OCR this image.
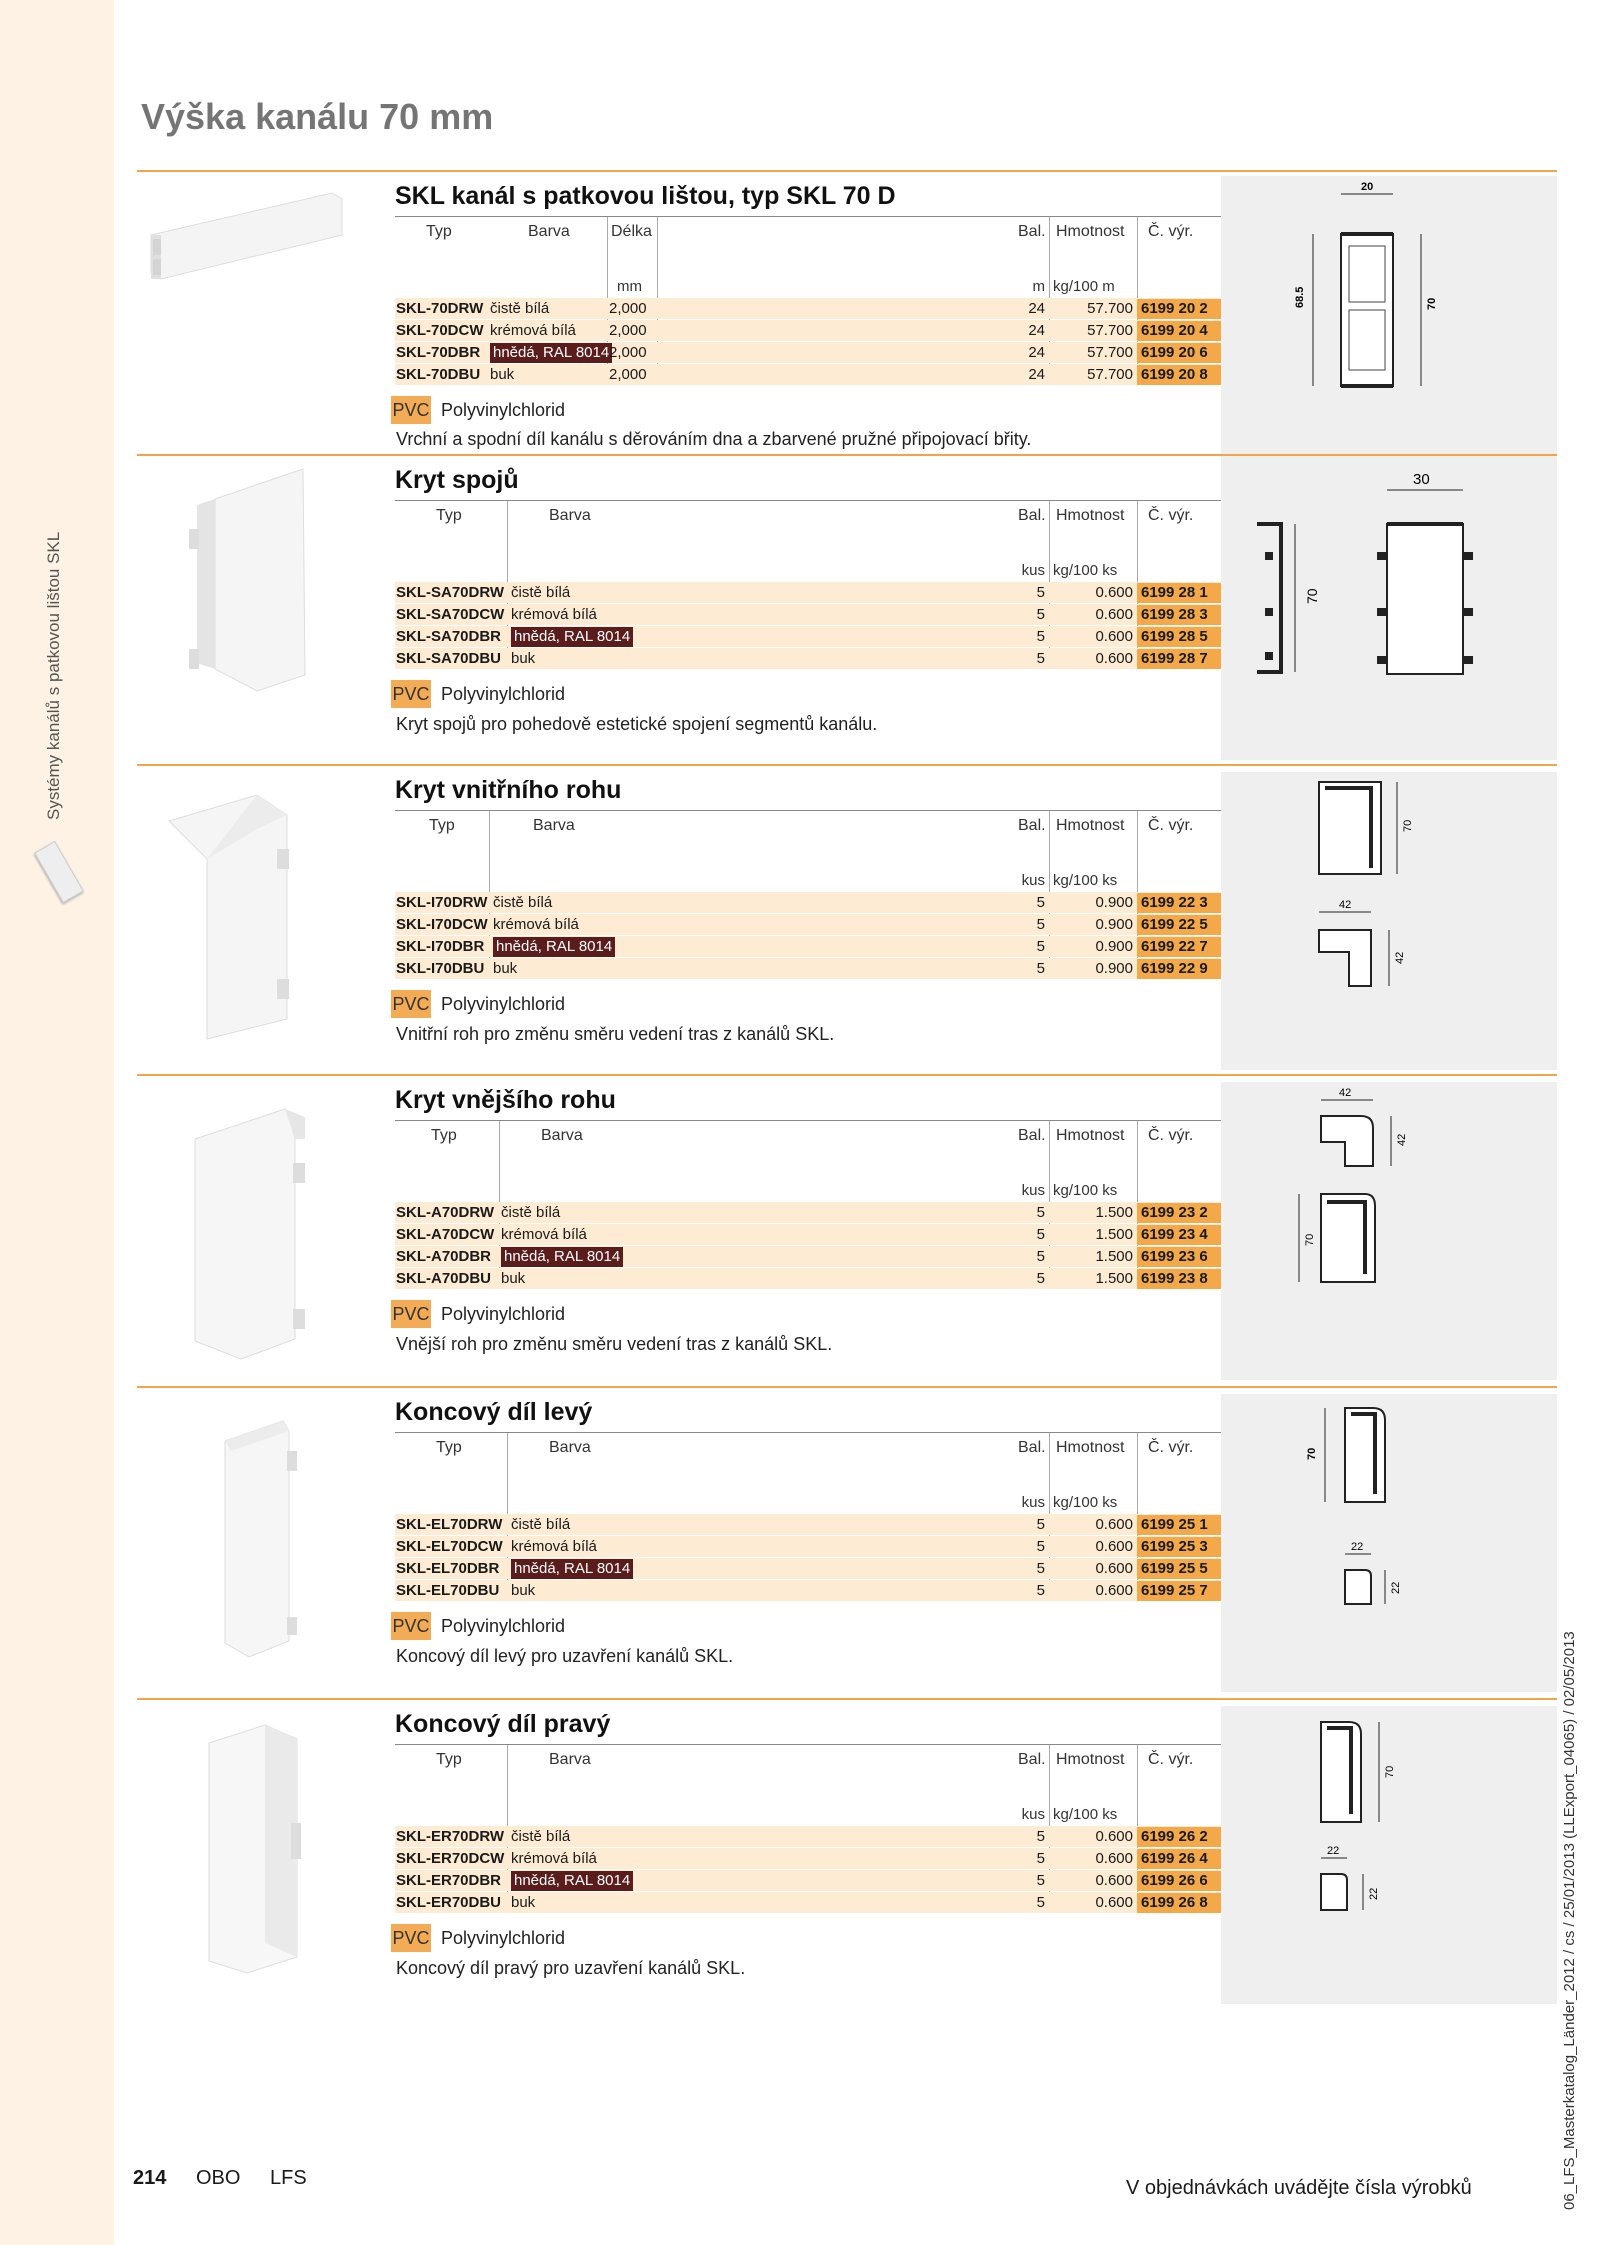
Systémy kanálů s patkovou lištou SKL
Výška kanálu 70 mm
SKL kanál s patkovou lištou, typ SKL 70 D
Typ	Barva	Délka	Bal. Hmotnost Č. výr.
mm	m kg/100 m
SKL-70DRW čistě bílá	2,000	24	57.700 6199 20 2
SKL-70DCW krémová bílá 2,000	24	57.700 6199 20 4
SKL-70DBR hnědá, RAL 8014 2,000	24	57.700 6199 20 6
SKL-70DBU buk	2,000	24	57.700 6199 20 8
PVC Polyvinylchlorid
Vrchní a spodní díl kanálu s děrováním dna a zbarvené pružné připojovací břity.
20
68.5	70
Kryt spojů
Typ	Barva	Bal. Hmotnost Č. výr.
kus kg/100 ks
SKL-SA70DRW čistě bílá	5	0.600 6199 28 1
SKL-SA70DCW krémová bílá	5	0.600 6199 28 3
SKL-SA70DBR hnědá, RAL 8014	5	0.600 6199 28 5
SKL-SA70DBU buk	5	0.600 6199 28 7
PVC Polyvinylchlorid
Kryt spojů pro pohedově estetické spojení segmentů kanálu.
70
30
Kryt vnitřního rohu
Typ	Barva	Bal. Hmotnost Č. výr.
kus kg/100 ks
SKL-I70DRW čistě bílá	5	0.900 6199 22 3
SKL-I70DCW krémová bílá	5	0.900 6199 22 5
SKL-I70DBR hnědá, RAL 8014	5	0.900 6199 22 7
SKL-I70DBU buk	5	0.900 6199 22 9
PVC Polyvinylchlorid
Vnitřní roh pro změnu směru vedení tras z kanálů SKL.
70
42
42
Kryt vnějšího rohu
Typ	Barva	Bal. Hmotnost Č. výr.
kus kg/100 ks
SKL-A70DRW čistě bílá	5	1.500 6199 23 2
SKL-A70DCW krémová bílá	5	1.500 6199 23 4
SKL-A70DBR hnědá, RAL 8014	5	1.500 6199 23 6
SKL-A70DBU buk	5	1.500 6199 23 8
PVC Polyvinylchlorid
Vnější roh pro změnu směru vedení tras z kanálů SKL.
42
42
70
Koncový díl levý
Typ	Barva	Bal. Hmotnost Č. výr.
kus kg/100 ks
SKL-EL70DRW čistě bílá	5	0.600 6199 25 1
SKL-EL70DCW krémová bílá	5	0.600 6199 25 3
SKL-EL70DBR hnědá, RAL 8014	5	0.600 6199 25 5
SKL-EL70DBU buk	5	0.600 6199 25 7
PVC Polyvinylchlorid
Koncový díl levý pro uzavření kanálů SKL.
70
22
22
Koncový díl pravý
Typ	Barva	Bal. Hmotnost Č. výr.
kus kg/100 ks
SKL-ER70DRW čistě bílá	5	0.600 6199 26 2
SKL-ER70DCW krémová bílá	5	0.600 6199 26 4
SKL-ER70DBR hnědá, RAL 8014	5	0.600 6199 26 6
SKL-ER70DBU buk	5	0.600 6199 26 8
PVC Polyvinylchlorid
Koncový díl pravý pro uzavření kanálů SKL.
70
22
22
214 OBO LFS	V objednávkách uvádějte čísla výrobků	06_LFS_Masterkatalog_Länder_2012 / cs / 25/01/2013 (LLExport_04065) / 02/05/2013
